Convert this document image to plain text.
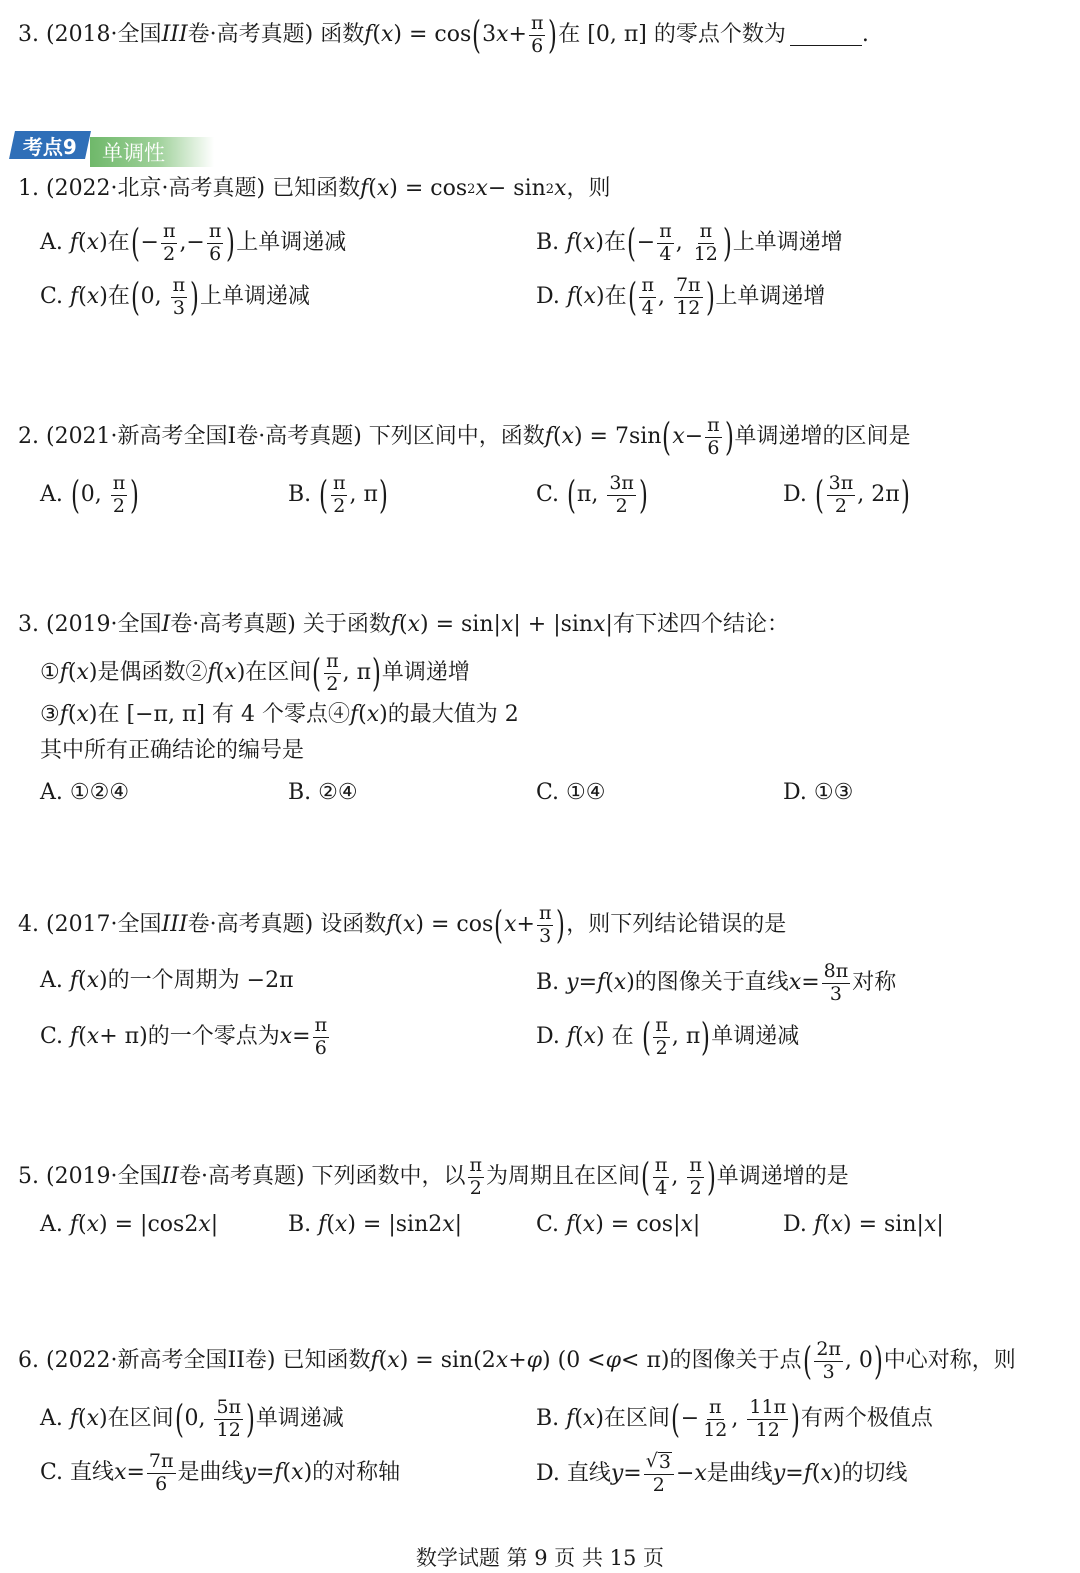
3. (2018·全国 III 卷·高考真题) 函数 f ( x ) = cos ( 3 $x + \frac{\pi}{6}$ ) 在 [0, π] 的零点个数为	.
考点9	单调性
1. (2022·北京·高考真题) 已知函数 f ( x ) = cos 2 x − sin 2 x ，则
A.
f ( x ) 在 ( − $\frac{\pi}{2}$ ,− $\frac{\pi}{6}$ ) 上单调递减	B.
f ( x ) 在 ( − $\frac{\pi}{4}$ , $\frac{\pi}{12}$ ) 上单调递增
C.
f ( x ) 在 ( 0, $\frac{\pi}{3}$ ) 上单调递减	D.
f ( x ) 在 ( $\frac{\pi}{4}$ , $\frac{7\pi}{12}$ ) 上单调递增
2. (2021·新高考全国I卷·高考真题) 下列区间中，函数 f ( x ) = 7sin ( $x - \frac{\pi}{6}$ ) 单调递增的区间是
A. ( 0, $\frac{\pi}{2}$ )	B. ( $\frac{\pi}{2}$ , π )	C. ( π, $\frac{3\pi}{2}$ )	D. ( $\frac{3\pi}{2}$ , 2π )
3. (2019·全国 I 卷·高考真题) 关于函数 f ( x ) = sin| x | + |sin x | 有下述四个结论：
① f ( x ) 是偶函数② f ( x ) 在区间 ( $\frac{\pi}{2}$ , π ) 单调递增
③ f ( x ) 在 [−π, π] 有 4 个零点④ f ( x ) 的最大值为 2
其中所有正确结论的编号是
A. ①②④	B. ②④	C. ①④	D. ①③
4. (2017·全国 III 卷·高考真题) 设函数 f ( x ) = cos ( $x + \frac{\pi}{3}$ ) ，则下列结论错误的是
A. f ( x ) 的一个周期为 −2π	B. y = f ( x ) 的图像关于直线 $x = \frac{8\pi}{3}$ 对称
C. f ( x + π) 的一个零点为 $x = \frac{\pi}{6}$	D. f ( x ) 在 ( $\frac{\pi}{2}$ , π ) 单调递减
5. (2019·全国 II 卷·高考真题) 下列函数中，以 $\frac{\pi}{2}$ 为周期且在区间 ( $\frac{\pi}{4}$ , $\frac{\pi}{2}$ ) 单调递增的是
A. f ( x ) = |cos2 x |	B. f ( x ) = |sin2 x |	C. f ( x ) = cos| x |	D. f ( x ) = sin| x |
6. (2022·新高考全国II卷) 已知函数 f ( x ) = sin(2 x + φ ) (0 < φ < π) 的图像关于点 ( $\frac{2\pi}{3}$ , 0 ) 中心对称，则
A. f ( x ) 在区间 ( 0, $\frac{5\pi}{12}$ ) 单调递减	B. f ( x ) 在区间 ( − $\frac{\pi}{12}$ , $\frac{11\pi}{12}$ ) 有两个极值点
C. 直线 $x = \frac{7\pi}{6}$ 是曲线 y = f ( x ) 的对称轴	D. 直线 $y = \frac{√ 3}{2} - x$ 是曲线 y = f ( x ) 的切线
数学试题 第 9 页 共 15 页
